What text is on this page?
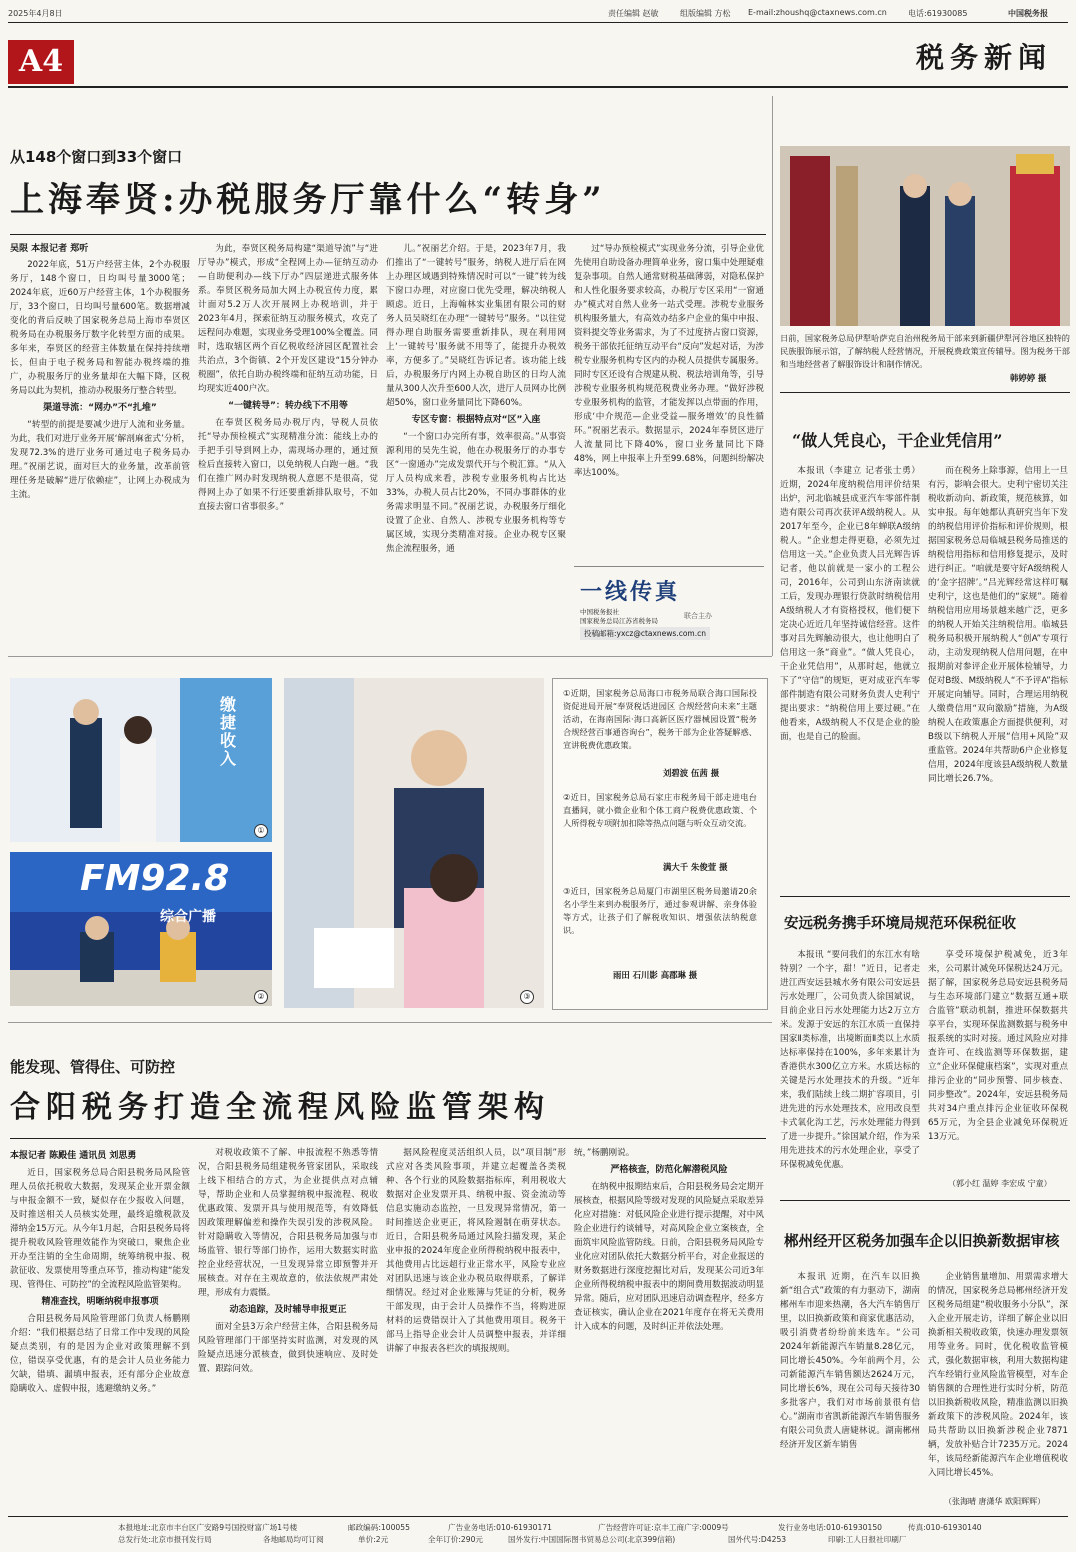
2025年4月8日	责任编辑 赵敏	组版编辑 方松 E-mail:zhoushq@ctaxnews.com.cn	电话:61930085	中国税务报
A4	税务新闻
从148个窗口到33个窗口
上海奉贤:办税服务厅靠什么“转身”
吴限 本报记者 郑听

2022年底，51万户经营主体，2个办税服务厅，148个窗口，日均叫号量3000笔；2024年底，近60万户经营主体，1个办税服务厅，33个窗口，日均叫号量600笔。数据增减变化的背后反映了国家税务总局上海市奉贤区税务局在办税服务厅数字化转型方面的成果。多年来，奉贤区的经营主体数量在保持持续增长，但由于电子税务局和智能办税终端的推广，办税服务厅的业务量却在大幅下降，区税务局以此为契机，推动办税服务厅整合转型。

渠道导流：“网办”不“扎堆”

“转型的前提是要减少进厅人流和业务量。为此，我们对进厅业务开展‘解剖麻雀式’分析，发现72.3%的进厅业务可通过电子税务局办理。”祝丽艺说，面对巨大的业务量，改革前管理任务是破解“进厅依赖症”，让网上办税成为主流。

为此，奉贤区税务局构建“渠道导流”与“进厅导办”模式，形成“全程网上办—征纳互动办—自助便利办—线下厅办”四层递进式服务体系。奉贤区税务局加大网上办税宣传力度，累计面对5.2万人次开展网上办税培训，并于2023年4月，探索征纳互动服务模式，攻克了远程问办难题，实现业务受理100%全覆盖。同时，选取辖区两个百亿税收经济园区配置社会共治点，3个街镇、2个开发区建设“15分钟办税圈”，依托自助办税终端和征纳互动功能，日均现实近400户次。

“一键转导”：转办线下不用等

在奉贤区税务局办税厅内，导税人员依托“导办预检模式”实现精准分流：能线上办的手把手引导到网上办，需现场办理的，通过预检后直接转入窗口，以免纳税人白跑一趟。“我们在推广网办时发现纳税人意愿不是很高，觉得网上办了如果不行还要重新排队取号，不如直接去窗口省事很多。”

儿。”祝丽艺介绍。于是，2023年7月，我们推出了“一键转号”服务，纳税人进厅后在网上办理区域遇到特殊情况时可以“一键”转为线下窗口办理，对应窗口优先受理，解决纳税人顾虑。近日，上海翰林实业集团有限公司的财务人员吴晓红在办理“一键转号”服务。“以往觉得办理自助服务需要重新排队，现在利用网上‘一键转号’服务就不用等了，能提升办税效率，方便多了。”吴晓红告诉记者。该功能上线后，办税服务厅内网上办税自助区的日均人流量从300人次升至600人次，进厅人员网办比例超50%，窗口业务量同比下降60%。

专区专窗：根据特点对“区”入座

“一个窗口办完所有事，效率很高。”从事资源利用的吴先生说，他在办税服务厅的办事专区“一窗通办”完成发票代开与个税汇算。“从入厅人员构成来看，涉税专业服务机构占比达33%，办税人员占比20%，不同办事群体的业务需求明显不同。”祝丽艺说，办税服务厅细化设置了企业、自然人、涉税专业服务机构等专属区域，实现分类精准对接。企业办税专区聚焦企流程服务，通

过“导办预检模式”实现业务分流，引导企业优先使用自助设备办理简单业务，窗口集中处理疑难复杂事项。自然人通常财税基础薄弱，对隐私保护和人性化服务要求较高，办税厅专区采用“一窗通办”模式对自然人业务一站式受理。涉税专业服务机构服务量大，有高效办结多户企业的集中申报、资料提交等业务需求，为了不过度挤占窗口资源，税务干部依托征纳互动平台“反向”发起对话，为涉税专业服务机构专区内的办税人员提供专属服务。同时专区还设有合规建从税、税法培训角等，引导涉税专业服务机构规范税费业务办理。“做好涉税专业服务机构的监管，才能发挥以点带面的作用，形成‘中介规范—企业受益—服务增效’的良性循环。”祝丽艺表示。数据显示，2024年奉贤区进厅人流量同比下降40%，窗口业务量同比下降48%，网上申报率上升至99.68%，问题纠纷解决率达100%。

一线传真
中国税务报社
国家税务总局江苏省税务局
联合主办
投稿邮箱:yxcz@ctaxnews.com.cn
日前，国家税务总局伊犁哈萨克自治州税务局干部来到新疆伊犁河谷地区独特的民族服饰展示馆，了解纳税人经营情况，开展税费政策宣传辅导。图为税务干部和当地经营者了解服饰设计和制作情况。
韩婷婷 摄
“做人凭良心，干企业凭信用”

本报讯（李建立 记者张士勇）近期，2024年度纳税信用评价结果出炉，河北临城县成亚汽车零部件制造有限公司再次获评A级纳税人。从2017年至今，企业已8年蝉联A级纳税人。“企业想走得更稳，必须先过信用这一关。”企业负责人吕光辉告诉记者，他以前就是一家小的工程公司，2016年，公司到山东济南读就工后，发现办理银行贷款时纳税信用A级纳税人才有资格授权，他们便下定决心近近几年坚持诚信经营。这件事对吕先辉触动很大，也让他明白了信用这一条“商业”。“做人凭良心，干企业凭信用”，从那时起，他就立下了“守信”的规矩，更对成亚汽车零部件制造有限公司财务负责人史利宁提出要求：“纳税信用上要过硬。”在他看来，A级纳税人不仅是企业的脸面，也是自己的脸面。

而在税务上除事源，信用上一旦有污，影响会很大。史利宁密切关注税收新动向、新政策，规范核算，如实申报。每年她都认真研究当年下发的纳税信用评价指标和评价规则，根据国家税务总局临城县税务局推送的纳税信用指标和信用修复提示，及时进行纠正。“咱就是要守好A级纳税人的‘金字招牌’。”吕光辉经常这样叮嘱史利宁，这也是他们的“家规”。随着纳税信用应用场景越来越广泛，更多的纳税人开始关注纳税信用。临城县税务局积极开展纳税人“创A”专项行动，主动发现纳税人信用问题，在申报期前对参评企业开展体检辅导，力促对B级、M级纳税人“不予评A”指标开展定向辅导。同时，合理运用纳税人缴费信用“双向激励”措施，为A级纳税人在政策惠企方面提供便利，对B级以下纳税人开展“信用+风险”双重监管。2024年共帮助6户企业修复信用，2024年度该县A级纳税人数量同比增长26.7%。

安远税务携手环境局规范环保税征收

本报讯 “要问我们的东江水有啥特别？一个字，甜！”近日，记者走进江西安远县城水务有限公司安远县污水处理厂，公司负责人徐国斌说，目前企业日污水处理能力达2万立方米。发源于安远的东江水质一直保持国家Ⅱ类标准，出境断面Ⅱ类以上水质达标率保持在100%，多年来累计为香港供水300亿立方米。水质达标的关键是污水处理技术的升级。“近年来，我们陆续上线二期扩容项目，引进先进的污水处理技术，应用改良型卡式氧化沟工艺，污水处理能力得到了进一步提升。”徐国斌介绍，作为采用先进技术的污水处理企业，享受了环保税减免优惠。

享受环境保护税减免，近3年来，公司累计减免环保税达24万元。据了解，国家税务总局安远县税务局与生态环境部门建立“数据互通+联合监管”联动机制，推进环保数据共享平台，实现环保监测数据与税务申报系统的实时对接。通过风险应对排查许可、在线监测等环保数据，建立“企业环保健康档案”，实现对重点排污企业的“同步预警、同步核查、同步整改”。2024年，安远县税务局共对34户重点排污企业征收环保税65万元，为全县企业减免环保税近13万元。

（郭小红 温婷 李宏成 宁童）
郴州经开区税务加强车企以旧换新数据审核

本报讯 近期，在汽车以旧换新“组合式”政策的有力驱动下，湖南郴州车市迎来热潮，各大汽车销售厅里，以旧换新政策和商家优惠活动，吸引消费者纷纷前来选车。“公司2024年新能源汽车销量8.28亿元，同比增长450%。今年前两个月，公司新能源汽车销售额达2624万元，同比增长6%，现在公司每天接待30多批客户，我们对市场前景很有信心。”湖南市省凯新能源汽车销售服务有限公司负责人唐婕林说。湖南郴州经济开发区新车销售

企业销售量增加、用票需求增大的情况，国家税务总局郴州经济开发区税务局组建“税收服务小分队”，深入企业开展走访，详细了解企业以旧换新相关税收政策，快速办理发票领用等业务。同时，优化税收监管模式，强化数据审核，利用大数据构建汽车经销行业风险监管模型，对车企销售额的合理性进行实时分析，防范以旧换新税收风险，精准监测以旧换新政策下的涉税风险。2024年，该局共帮助以旧换新涉税企业7871辆，发放补贴合计7235万元。2024年，该局经新能源汽车企业增值税收入同比增长45%。

（张海晴 唐潇华 欧阳辉辉）
缴捷收入
①
FM92.8
综合广播
②	③
①近期，国家税务总局海口市税务局联合海口国际投资促进局开展“奉贤税话进园区 合规经营向未来”主题活动，在海南国际·海口高新区医疗器械园设置“税务合规经营百事通咨询台”，税务干部为企业答疑解惑、宣讲税费优惠政策。
刘碧波 伍茜 摄
②近日，国家税务总局石家庄市税务局干部走进电台直播间，就小微企业和个体工商户税费优惠政策、个人所得税专项附加扣除等热点问题与听众互动交流。
满大千 朱俊萱 摄
③近日，国家税务总局厦门市湖里区税务局邀请20余名小学生来到办税服务厅，通过参观讲解、亲身体验等方式，让孩子们了解税收知识、增强依法纳税意识。
雨田 石川影 高郡琳 摄
能发现、管得住、可防控
合阳税务打造全流程风险监管架构
本报记者 陈殿佳 通讯员 刘思勇

近日，国家税务总局合阳县税务局风险管理人员依托税收大数据，发现某企业开票金额与申报金额不一致，疑似存在少报收入问题，及时推送相关人员核实处理，最终追缴税款及滞纳金15万元。从今年1月起，合阳县税务局将提升税收风险管理效能作为突破口，聚焦企业开办至注销的全生命周期，统筹纳税申报、税款征收、发票使用等重点环节，推动构建“能发现、管得住、可防控”的全流程风险监管架构。

精准查找，明晰纳税申报事项

合阳县税务局风险管理部门负责人杨鹏刚介绍：“我们根据总结了日常工作中发现的风险疑点类别，有的是因为企业对政策理解不到位，错误享受优惠，有的是会计人员业务能力欠缺，错填、漏填申报表，还有部分企业故意隐瞒收入、虚假申报，逃避缴纳义务。”

对税收政策不了解、申报流程不熟悉等情况，合阳县税务局组建税务管家团队，采取线上线下相结合的方式，为企业提供点对点辅导，帮助企业和人员掌握纳税申报流程、税收优惠政策、发票开具与使用规范等，有效降低因政策理解偏差和操作失误引发的涉税风险。针对隐瞒收入等情况，合阳县税务局加强与市场监管、银行等部门协作，运用大数据实时监控企业经营状况，一旦发现异常立即预警并开展核查。对存在主观故意的，依法依规严肃处理，形成有力震慑。

动态追踪，及时辅导申报更正

面对全县3万余户经营主体，合阳县税务局风险管理部门干部坚持实时监测，对发现的风险疑点迅速分派核查，做到快速响应、及时处置、跟踪问效。

据风险程度灵活组织人员，以“项目制”形式应对各类风险事项，并建立起覆盖各类税种、各个行业的风险数据指标库，利用税收大数据对企业发票开具、纳税申报、资金流动等信息实施动态监控，一旦发现异常情况，第一时间推送企业更正，将风险遏制在萌芽状态。近日，合阳县税务局通过风险扫描发现，某企业申报的2024年度企业所得税纳税申报表中，其他费用占比远超行业正常水平，风险专业应对团队迅速与该企业办税员取得联系，了解详细情况。经过对企业账簿与凭证的分析，税务干部发现，由于会计人员操作不当，将购进原材料的运费错误计入了其他费用项目。税务干部马上指导企业会计人员调整申报表，并详细讲解了申报表各栏次的填报规则。

统，”杨鹏刚说。

严格核查，防范化解潜税风险

在纳税申报期结束后，合阳县税务局会定期开展核查，根据风险等级对发现的风险疑点采取差异化应对措施：对低风险企业进行提示提醒，对中风险企业进行约谈辅导，对高风险企业立案核查，全面筑牢风险监管防线。日前，合阳县税务局风险专业化应对团队依托大数据分析平台，对企业报送的财务数据进行深度挖掘比对后，发现某公司近3年企业所得税纳税申报表中的期间费用数据波动明显异常。随后，应对团队迅速启动调查程序，经多方查证核实，确认企业在2021年度存在将无关费用计入成本的问题，及时纠正并依法处理。

本报地址:北京市丰台区广安路9号国投财富广场1号楼	邮政编码:100055	广告业务电话:010-61930171	广告经营许可证:京丰工商广字:0009号	发行业务电话:010-61930150	传真:010-61930140
总发行处:北京市报刊发行局	各地邮局均可订阅	单价:2元	全年订价:290元	国外发行:中国国际图书贸易总公司(北京399信箱)	国外代号:D4253	印刷:工人日报社印刷厂
